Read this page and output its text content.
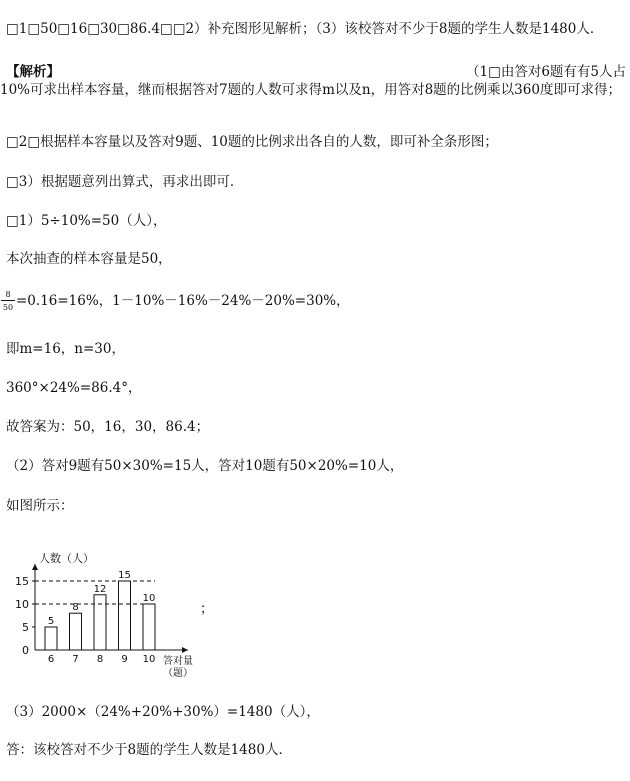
□1□50□16□30□86.4□□2）补充图形见解析；（3）该校答对不少于8题的学生人数是1480人．
【解析】	（1□由答对6题有有5人占
10%可求出样本容量，继而根据答对7题的人数可求得m以及n，用答对8题的比例乘以360度即可求得；
□2□根据样本容量以及答对9题、10题的比例求出各自的人数，即可补全条形图；
□3）根据题意列出算式，再求出即可．
□1）5÷10%=50（人），
本次抽查的样本容量是50，
8
50 =0.16=16%，1－10%－16%－24%－20%=30%，
即m=16，n=30，
360°×24%=86.4°，
故答案为：50，16，30，86.4；
（2）答对9题有50×30%=15人，答对10题有50×20%=10人，
如图所示：
0
5
10
15
人数（人）
5
6
8
7
12
8
15
9
10
10 答对量
（题）
；
（3）2000×（24%+20%+30%）=1480（人），
答：该校答对不少于8题的学生人数是1480人．
